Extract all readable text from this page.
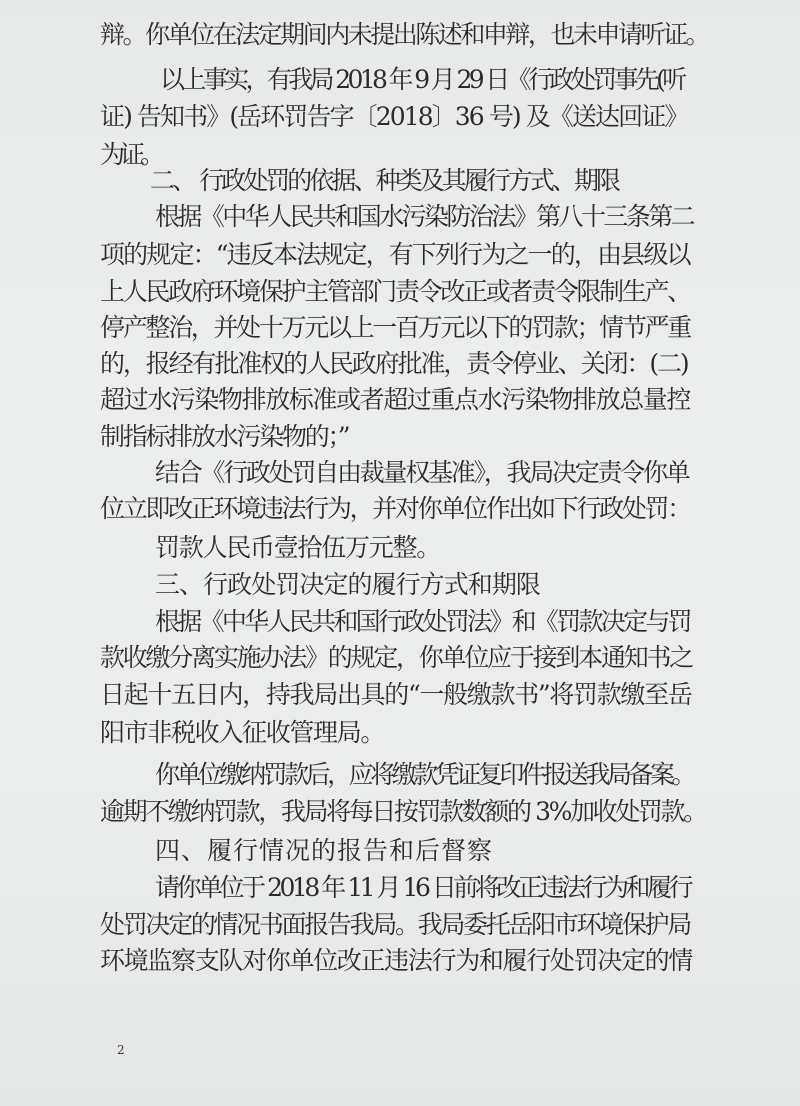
辩。你单位在法定期间内未提出陈述和申辩，也未申请听证。
以上事实，有我局 2018 年 9 月 29 日《行政处罚事先(听
证) 告知书》(岳环罚告字〔2018〕36 号) 及《送达回证》
为证。
二、 行政处罚的依据、种类及其履行方式、期限
根据《中华人民共和国水污染防治法》第八十三条第二
项的规定：“违反本法规定，有下列行为之一的，由县级以
上人民政府环境保护主管部门责令改正或者责令限制生产、
停产整治，并处十万元以上一百万元以下的罚款；情节严重
的，报经有批准权的人民政府批准，责令停业、关闭：(二)
超过水污染物排放标准或者超过重点水污染物排放总量控
制指标排放水污染物的；”
结合《行政处罚自由裁量权基准》，我局决定责令你单
位立即改正环境违法行为，并对你单位作出如下行政处罚：
罚款人民币壹拾伍万元整。
三、行政处罚决定的履行方式和期限
根据《中华人民共和国行政处罚法》和《罚款决定与罚
款收缴分离实施办法》的规定，你单位应于接到本通知书之
日起十五日内，持我局出具的“一般缴款书”将罚款缴至岳
阳市非税收入征收管理局。
你单位缴纳罚款后，应将缴款凭证复印件报送我局备案。
逾期不缴纳罚款，我局将每日按罚款数额的 3%加收处罚款。
四、履行情况的报告和后督察
请你单位于 2018 年 11 月 16 日前将改正违法行为和履行
处罚决定的情况书面报告我局。我局委托岳阳市环境保护局
环境监察支队对你单位改正违法行为和履行处罚决定的情
2
